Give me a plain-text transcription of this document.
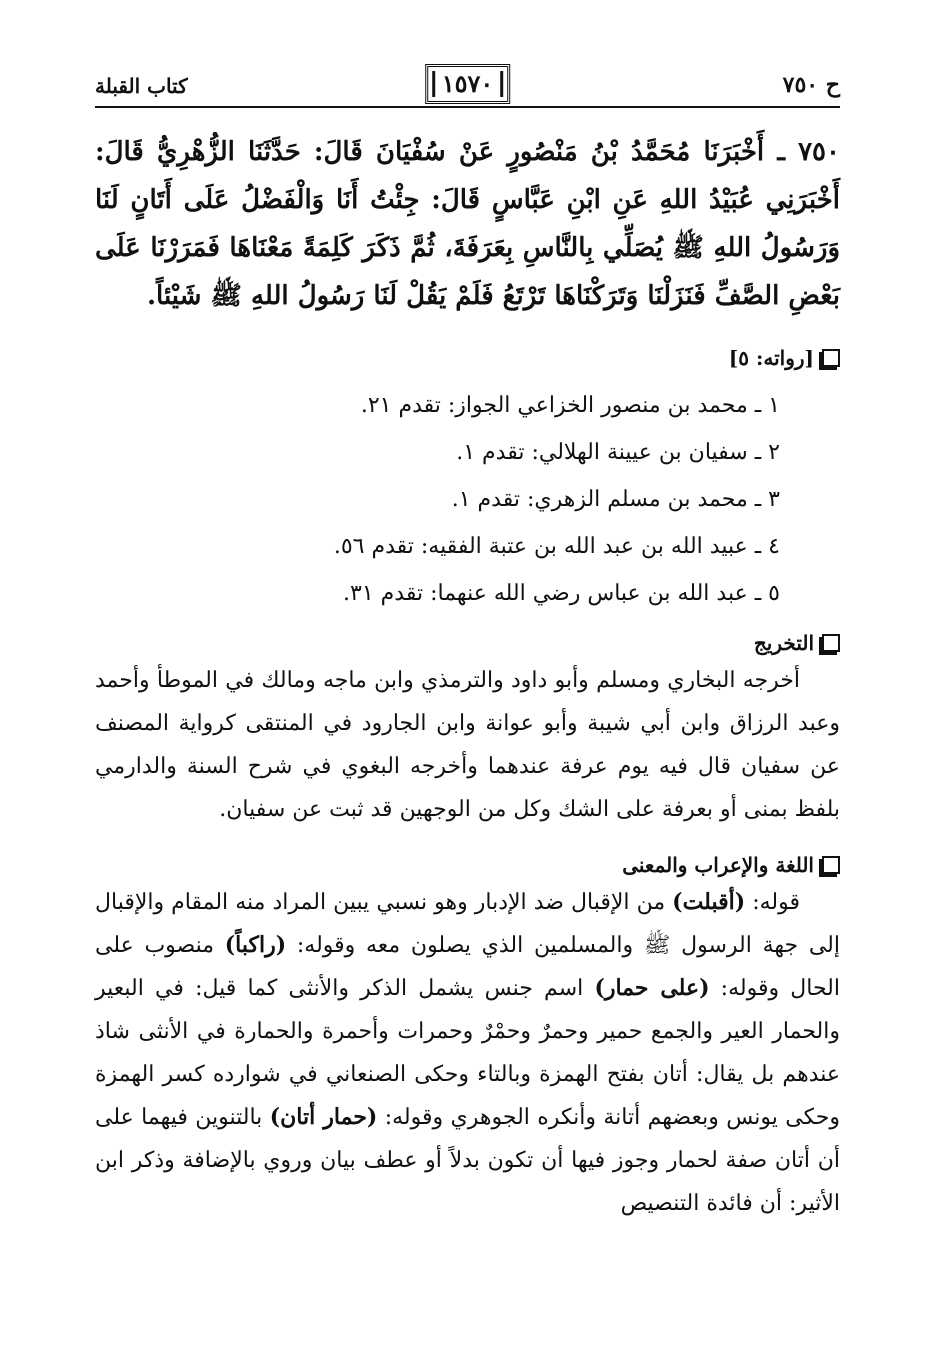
ح ٧٥٠
١٥٧٠
كتاب القبلة

٧٥٠ ـ أَخْبَرَنَا مُحَمَّدُ بْنُ مَنْصُورٍ عَنْ سُفْيَانَ قَالَ: حَدَّثَنَا الزُّهْرِيُّ قَالَ: أَخْبَرَنِي عُبَيْدُ اللهِ عَنِ ابْنِ عَبَّاسٍ قَالَ: جِئْتُ أَنَا وَالْفَضْلُ عَلَى أَتَانٍ لَنَا وَرَسُولُ اللهِ ﷺ يُصَلِّي بِالنَّاسِ بِعَرَفَةَ، ثُمَّ ذَكَرَ كَلِمَةً مَعْنَاهَا فَمَرَرْنَا عَلَى بَعْضِ الصَّفِّ فَنَزَلْنَا وَتَرَكْنَاهَا تَرْتَعُ فَلَمْ يَقُلْ لَنَا رَسُولُ اللهِ ﷺ شَيْئاً.

[رواته: ٥]
١ ـ محمد بن منصور الخزاعي الجواز: تقدم ٢١.
٢ ـ سفيان بن عيينة الهلالي: تقدم ١.
٣ ـ محمد بن مسلم الزهري: تقدم ١.
٤ ـ عبيد الله بن عبد الله بن عتبة الفقيه: تقدم ٥٦.
٥ ـ عبد الله بن عباس رضي الله عنهما: تقدم ٣١.
التخريج

أخرجه البخاري ومسلم وأبو داود والترمذي وابن ماجه ومالك في الموطأ وأحمد وعبد الرزاق وابن أبي شيبة وأبو عوانة وابن الجارود في المنتقى كرواية المصنف عن سفيان قال فيه يوم عرفة عندهما وأخرجه البغوي في شرح السنة والدارمي بلفظ بمنى أو بعرفة على الشك وكل من الوجهين قد ثبت عن سفيان.

اللغة والإعراب والمعنى

قوله: (أقبلت) من الإقبال ضد الإدبار وهو نسبي يبين المراد منه المقام والإقبال إلى جهة الرسول ﷺ والمسلمين الذي يصلون معه وقوله: (راكباً) منصوب على الحال وقوله: (على حمار) اسم جنس يشمل الذكر والأنثى كما قيل: في البعير والحمار العير والجمع حمير وحمرٌ وحمْرٌ وحمرات وأحمرة والحمارة في الأنثى شاذ عندهم بل يقال: أتان بفتح الهمزة وبالتاء وحكى الصنعاني في شوارده كسر الهمزة وحكى يونس وبعضهم أتانة وأنكره الجوهري وقوله: (حمار أتان) بالتنوين فيهما على أن أتان صفة لحمار وجوز فيها أن تكون بدلاً أو عطف بيان وروي بالإضافة وذكر ابن الأثير: أن فائدة التنصيص
